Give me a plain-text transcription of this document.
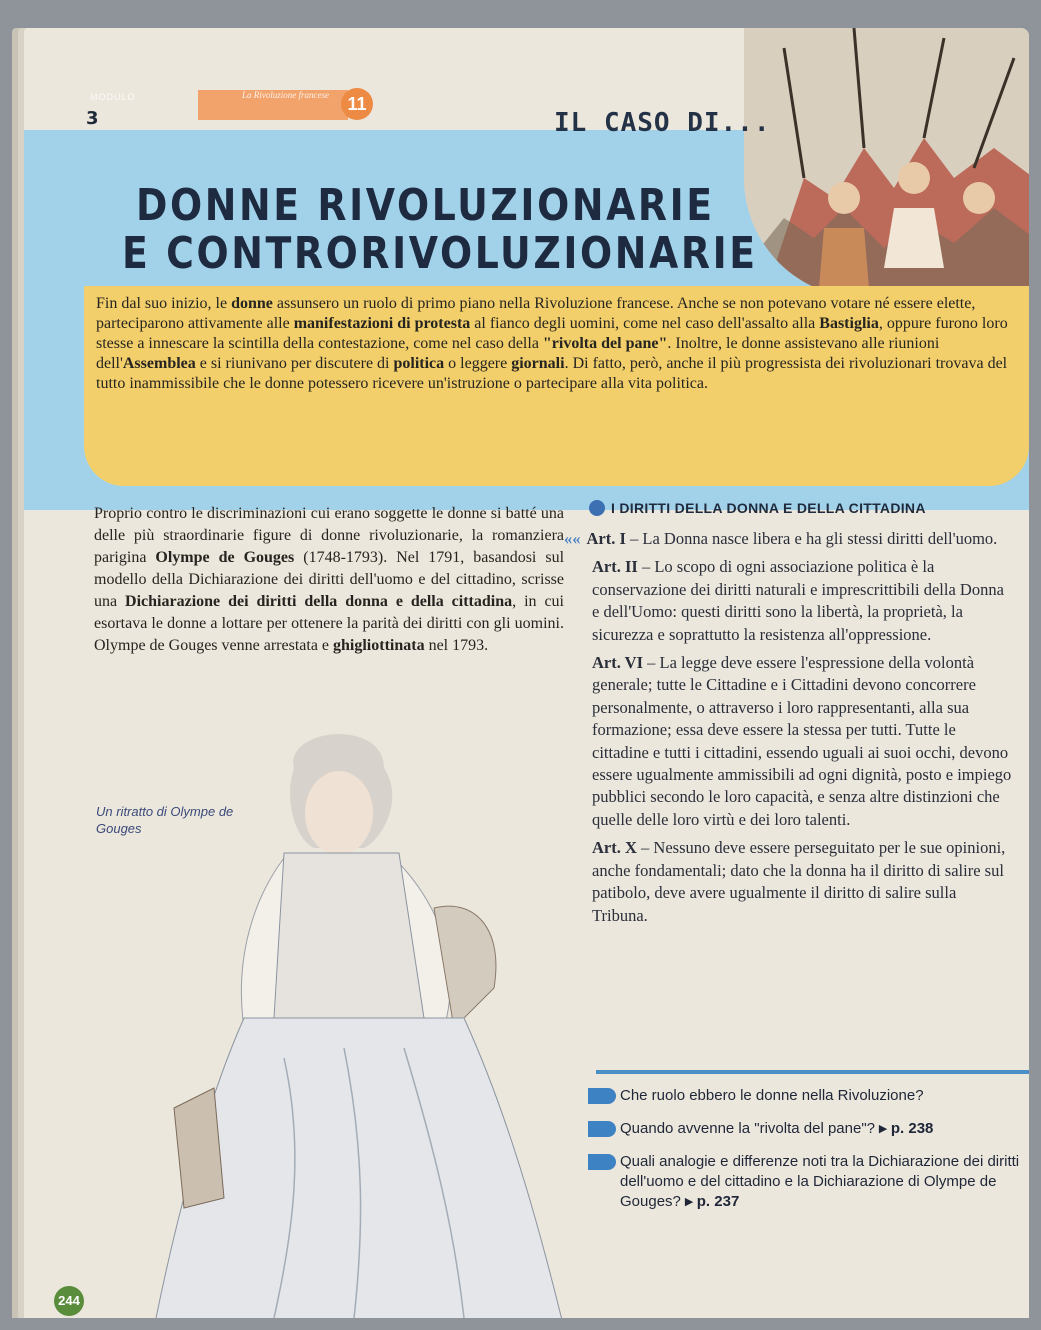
MODULO
3
La Rivoluzione francese	11
IL CASO DI...
DONNE RIVOLUZIONARIE
E CONTRORIVOLUZIONARIE
Fin dal suo inizio, le donne assunsero un ruolo di primo piano nella Rivoluzione francese. Anche se non potevano votare né essere elette, parteciparono attivamente alle manifestazioni di protesta al fianco degli uomini, come nel caso dell'assalto alla Bastiglia, oppure furono loro stesse a innescare la scintilla della contestazione, come nel caso della "rivolta del pane". Inoltre, le donne assistevano alle riunioni dell'Assemblea e si riunivano per discutere di politica o leggere giornali. Di fatto, però, anche il più progressista dei rivoluzionari trovava del tutto inammissibile che le donne potessero ricevere un'istruzione o partecipare alla vita politica.
Proprio contro le discriminazioni cui erano soggette le donne si batté una delle più straordinarie figure di donne rivoluzionarie, la romanziera parigina Olympe de Gouges (1748-1793). Nel 1791, basandosi sul modello della Dichiarazione dei diritti dell'uomo e del cittadino, scrisse una Dichiarazione dei diritti della donna e della cittadina, in cui esortava le donne a lottare per ottenere la parità dei diritti con gli uomini. Olympe de Gouges venne arrestata e ghigliottinata nel 1793.
Un ritratto di Olympe de Gouges
I DIRITTI DELLA DONNA E DELLA CITTADINA

«« Art. I – La Donna nasce libera e ha gli stessi diritti dell'uomo.

Art. II – Lo scopo di ogni associazione politica è la conservazione dei diritti naturali e imprescrittibili della Donna e dell'Uomo: questi diritti sono la libertà, la proprietà, la sicurezza e soprattutto la resistenza all'oppressione.

Art. VI – La legge deve essere l'espressione della volontà generale; tutte le Cittadine e i Cittadini devono concorrere personalmente, o attraverso i loro rappresentanti, alla sua formazione; essa deve essere la stessa per tutti. Tutte le cittadine e tutti i cittadini, essendo uguali ai suoi occhi, devono essere ugualmente ammissibili ad ogni dignità, posto e impiego pubblici secondo le loro capacità, e senza altre distinzioni che quelle delle loro virtù e dei loro talenti.

Art. X – Nessuno deve essere perseguitato per le sue opinioni, anche fondamentali; dato che la donna ha il diritto di salire sul patibolo, deve avere ugualmente il diritto di salire sulla Tribuna.

Che ruolo ebbero le donne nella Rivoluzione?
Quando avvenne la "rivolta del pane"? ▸ p. 238
Quali analogie e differenze noti tra la Dichiarazione dei diritti dell'uomo e del cittadino e la Dichiarazione di Olympe de Gouges? ▸ p. 237
244
